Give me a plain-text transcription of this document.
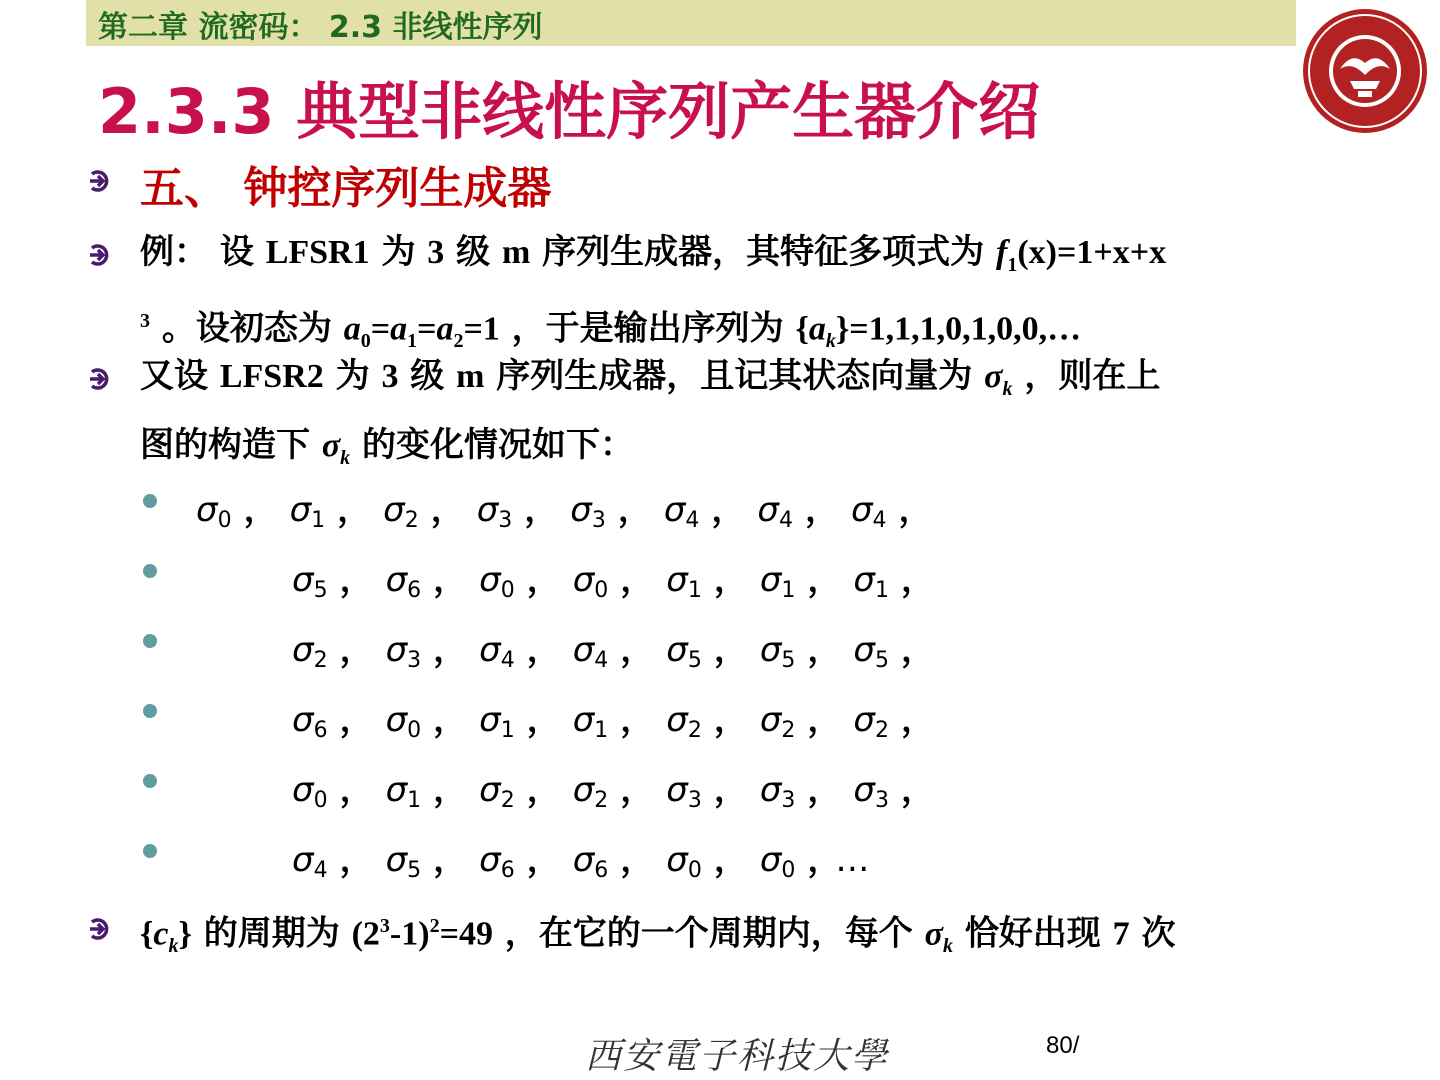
第二章 流密码： 2.3 非线性序列
2.3.3 典型非线性序列产生器介绍
五、 钟控序列生成器
例： 设 LFSR1 为 3 级 m 序列生成器，其特征多项式为 $f_1(x)=1+x+x$
$^3$ 。设初态为 $a_0=a_1=a_2=1$ ，于是输出序列为 $\{a_k\}=1,1,1,0,1,0,0,\dots$
又设 LFSR2 为 3 级 m 序列生成器，且记其状态向量为 $\sigma_k$ ，则在上
图的构造下 $\sigma_k$ 的变化情况如下：
$\sigma_0$ ， $\sigma_1$ ， $\sigma_2$ ， $\sigma_3$ ， $\sigma_3$ ， $\sigma_4$ ， $\sigma_4$ ， $\sigma_4$ ，
$\sigma_5$ ， $\sigma_6$ ， $\sigma_0$ ， $\sigma_0$ ， $\sigma_1$ ， $\sigma_1$ ， $\sigma_1$ ，
$\sigma_2$ ， $\sigma_3$ ， $\sigma_4$ ， $\sigma_4$ ， $\sigma_5$ ， $\sigma_5$ ， $\sigma_5$ ，
$\sigma_6$ ， $\sigma_0$ ， $\sigma_1$ ， $\sigma_1$ ， $\sigma_2$ ， $\sigma_2$ ， $\sigma_2$ ，
$\sigma_0$ ， $\sigma_1$ ， $\sigma_2$ ， $\sigma_2$ ， $\sigma_3$ ， $\sigma_3$ ， $\sigma_3$ ，
$\sigma_4$ ， $\sigma_5$ ， $\sigma_6$ ， $\sigma_6$ ， $\sigma_0$ ， $\sigma_0$ ，…
$\{c_k\}$ 的周期为 $(2^3-1)^2=49$ ，在它的一个周期内，每个 $\sigma_k$ 恰好出现 7 次
西安電子科技大學	80/
